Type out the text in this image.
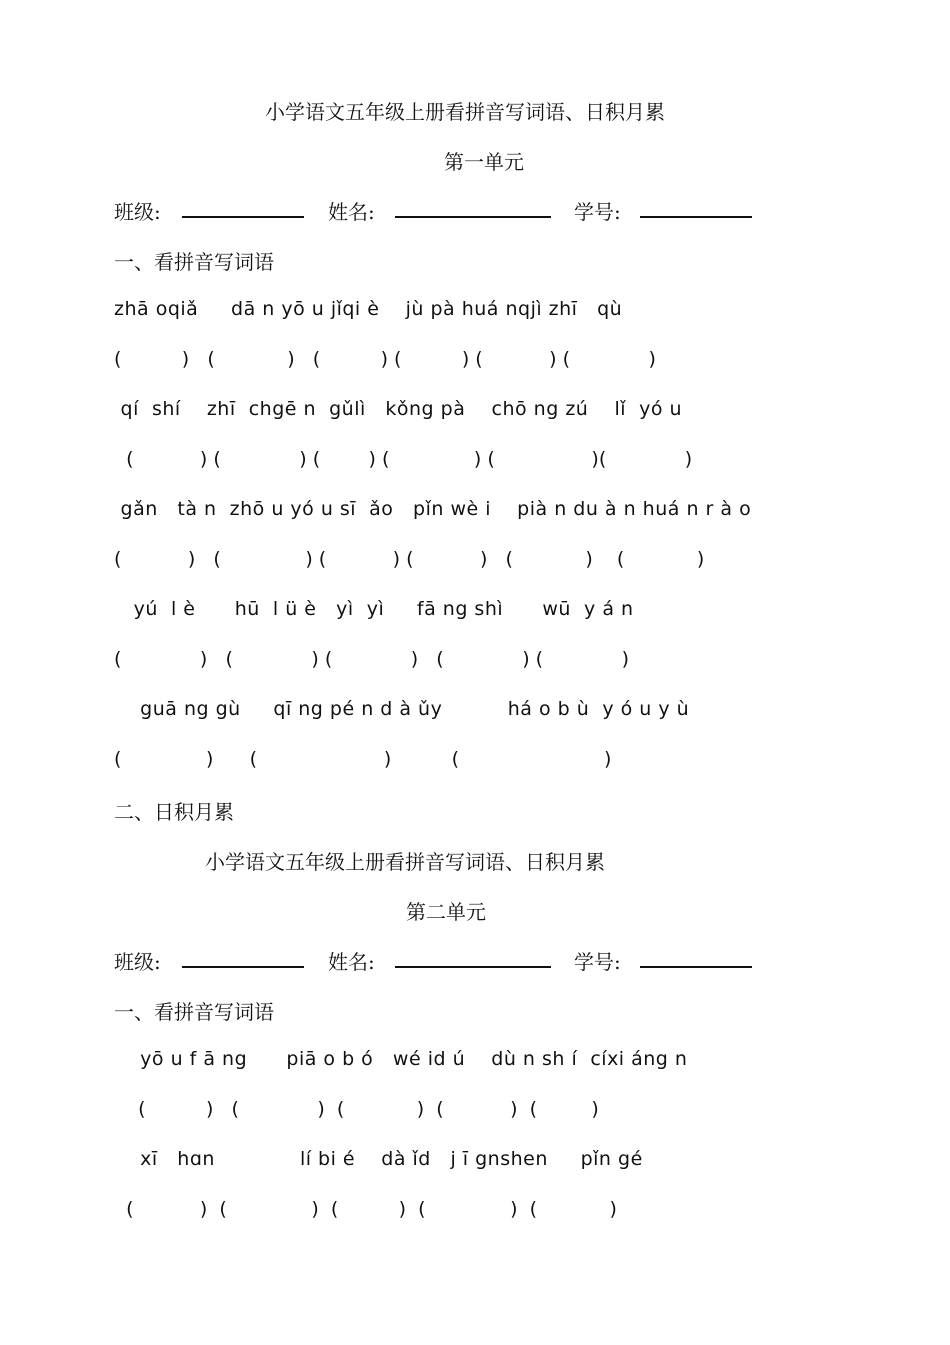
小学语文五年级上册看拼音写词语、日积月累
第一单元
班级:	姓名:	学号:
一、看拼音写词语
zhā oqiǎ     dā n yō u jǐqi è    jù pà huá nqjì zhī   qù
(          )   (            )   (          ) (          ) (           ) (             )
qí  shí    zhī  chgē n  gǔlì   kǒng pà    chō ng zú    lǐ  yó u
(           ) (             ) (        ) (              ) (                )(             )
gǎn   tà n  zhō u yó u sī  ǎo   pǐn wè i    pià n du à n huá n r à o
(           )   (              ) (           ) (           )   (            )    (            )
yú  l è      hū  l ü è   yì  yì     fā ng shì      wū  y á n
(             )   (             ) (             )   (             ) (             )
guā ng gù     qī ng pé n d à ǔy          há o b ù  y ó u y ù
(              )      (                     )          (                        )
二、日积月累
小学语文五年级上册看拼音写词语、日积月累
第二单元
班级:	姓名:	学号:
一、看拼音写词语
yō u f ā ng      piā o b ó   wé id ú    dù n sh í  cíxi áng n
(          )   (             )  (            )  (           )  (         )
xī   hɑn             lí bi é    dà ǐd   j ī gnshen     pǐn gé
(           )  (              )  (          )  (              )  (            )
